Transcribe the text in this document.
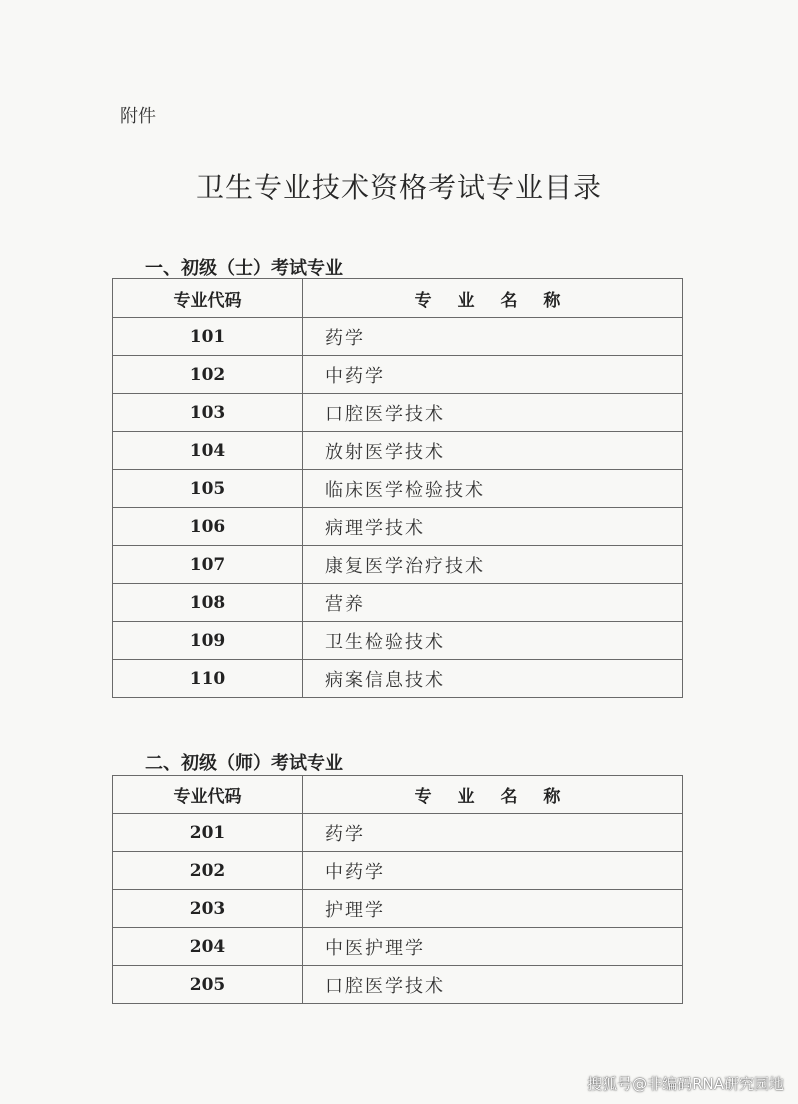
附件
卫生专业技术资格考试专业目录
一、初级（士）考试专业
专业代码	专 业 名 称
101	药学
102	中药学
103	口腔医学技术
104	放射医学技术
105	临床医学检验技术
106	病理学技术
107	康复医学治疗技术
108	营养
109	卫生检验技术
110	病案信息技术
二、初级（师）考试专业
专业代码	专 业 名 称
201	药学
202	中药学
203	护理学
204	中医护理学
205	口腔医学技术
搜狐号@非编码RNA研究园地
